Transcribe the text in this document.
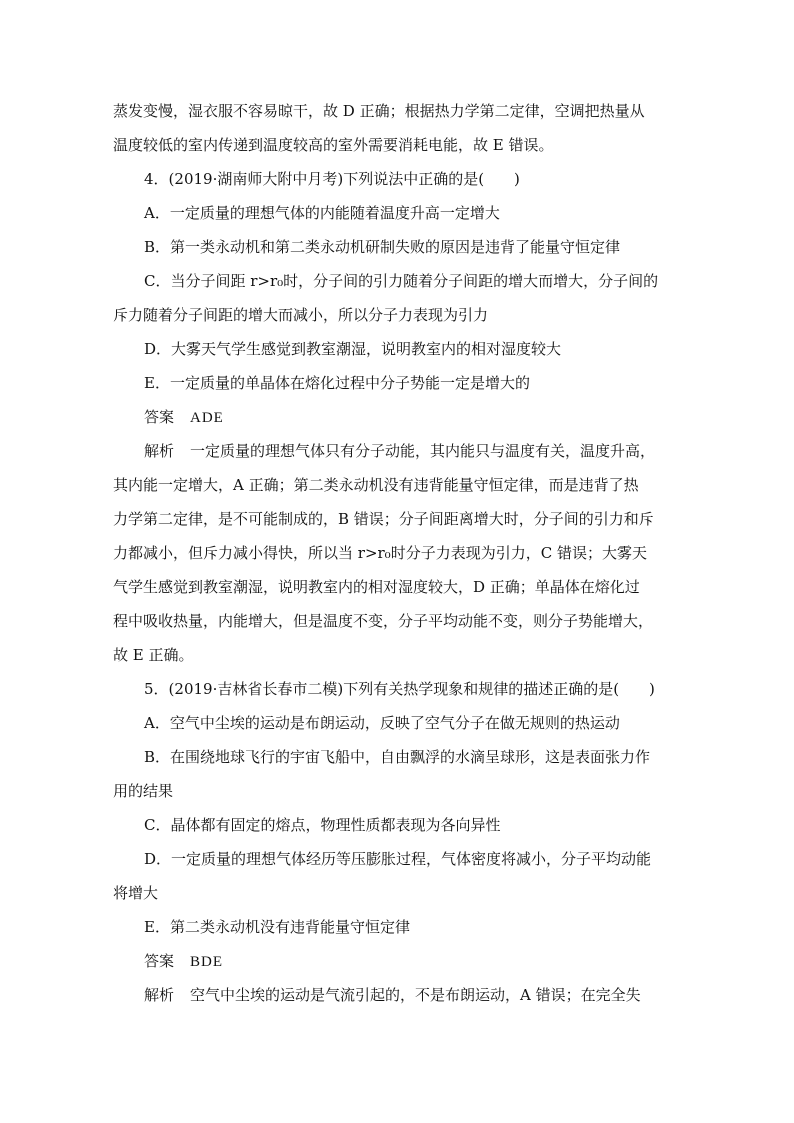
蒸发变慢，湿衣服不容易晾干，故 D 正确；根据热力学第二定律，空调把热量从
温度较低的室内传递到温度较高的室外需要消耗电能，故 E 错误。
4．(2019·湖南师大附中月考)下列说法中正确的是(　　)
A．一定质量的理想气体的内能随着温度升高一定增大
B．第一类永动机和第二类永动机研制失败的原因是违背了能量守恒定律
C．当分子间距 r>r₀时，分子间的引力随着分子间距的增大而增大，分子间的
斥力随着分子间距的增大而减小，所以分子力表现为引力
D．大雾天气学生感觉到教室潮湿，说明教室内的相对湿度较大
E．一定质量的单晶体在熔化过程中分子势能一定是增大的
答案 ADE
解析 一定质量的理想气体只有分子动能，其内能只与温度有关，温度升高，
其内能一定增大，A 正确；第二类永动机没有违背能量守恒定律，而是违背了热
力学第二定律，是不可能制成的，B 错误；分子间距离增大时，分子间的引力和斥
力都减小，但斥力减小得快，所以当 r>r₀时分子力表现为引力，C 错误；大雾天
气学生感觉到教室潮湿，说明教室内的相对湿度较大，D 正确；单晶体在熔化过
程中吸收热量，内能增大，但是温度不变，分子平均动能不变，则分子势能增大，
故 E 正确。
5．(2019·吉林省长春市二模)下列有关热学现象和规律的描述正确的是(　　)
A．空气中尘埃的运动是布朗运动，反映了空气分子在做无规则的热运动
B．在围绕地球飞行的宇宙飞船中，自由飘浮的水滴呈球形，这是表面张力作
用的结果
C．晶体都有固定的熔点，物理性质都表现为各向异性
D．一定质量的理想气体经历等压膨胀过程，气体密度将减小，分子平均动能
将增大
E．第二类永动机没有违背能量守恒定律
答案 BDE
解析 空气中尘埃的运动是气流引起的，不是布朗运动，A 错误；在完全失
